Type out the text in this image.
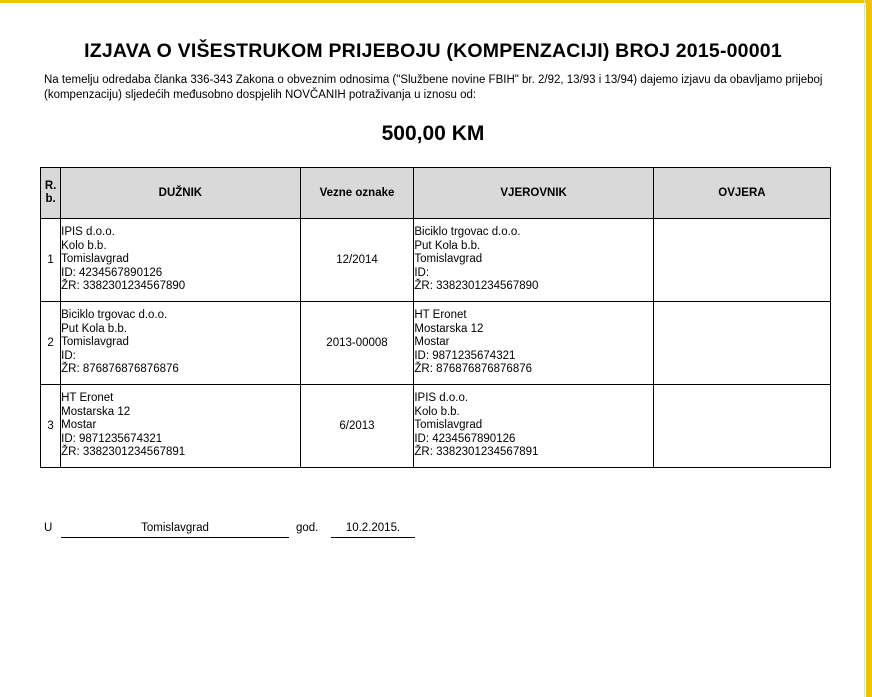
IZJAVA O VIŠESTRUKOM PRIJEBOJU (KOMPENZACIJI) BROJ 2015-00001
Na temelju odredaba članka 336-343 Zakona o obveznim odnosima ("Službene novine FBIH" br. 2/92, 13/93 i 13/94) dajemo izjavu da obavljamo prijeboj (kompenzaciju) sljedećih međusobno dospjelih NOVČANIH potraživanja u iznosu od:
500,00 KM
R.
b.	DUŽNIK	Vezne oznake	VJEROVNIK	OVJERA
1	IPIS d.o.o.
Kolo b.b.
Tomislavgrad
ID: 4234567890126
ŽR: 3382301234567890	12/2014	Biciklo trgovac d.o.o.
Put Kola b.b.
Tomislavgrad
ID:
ŽR: 3382301234567890	

2	Biciklo trgovac d.o.o.
Put Kola b.b.
Tomislavgrad
ID:
ŽR: 876876876876876	2013-00008	HT Eronet
Mostarska 12
Mostar
ID: 9871235674321
ŽR: 876876876876876	

3	HT Eronet
Mostarska 12
Mostar
ID: 9871235674321
ŽR: 3382301234567891	6/2013	IPIS d.o.o.
Kolo b.b.
Tomislavgrad
ID: 4234567890126
ŽR: 3382301234567891	

U	Tomislavgrad	god.	10.2.2015.
